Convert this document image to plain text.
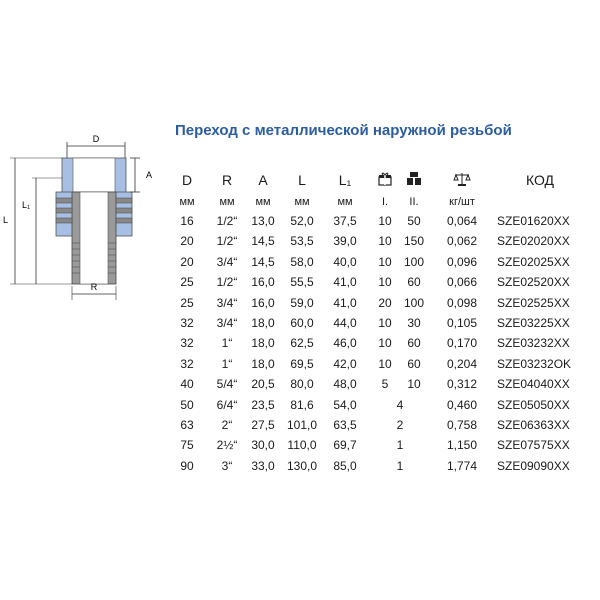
Переход с металлической наружной резьбой
D
A
L
L₁
R
D	R	A	L	L₁	КОД
мм	мм	мм	мм	мм	I.	II.	кг/шт
16	1/2“	13,0 52,0 37,5	10	50	0,064	SZE01620XX
20	1/2“	14,5 53,5 39,0	10	150	0,062	SZE02020XX
20	3/4“	14,5 58,0 40,0	10	100	0,096	SZE02025XX
25	1/2“	16,0 55,5 41,0	10	60	0,066	SZE02520XX
25	3/4“	16,0 59,0 41,0	20	100	0,098	SZE02525XX
32	3/4“	18,0 60,0 44,0	10	30	0,105	SZE03225XX
32	1“	18,0 62,5 46,0	10	60	0,170	SZE03232XX
32	1“	18,0 69,5 42,0	10	60	0,204	SZE03232OK
40	5/4“	20,5 80,0 48,0	5	10	0,312	SZE04040XX
50	6/4“	23,5 81,6 54,0	4	0,460	SZE05050XX
63	2“	27,5 101,0 63,5	2	0,758	SZE06363XX
75	2½“	30,0 110,0 69,7	1	1,150	SZE07575XX
90	3“	33,0 130,0 85,0	1	1,774	SZE09090XX
